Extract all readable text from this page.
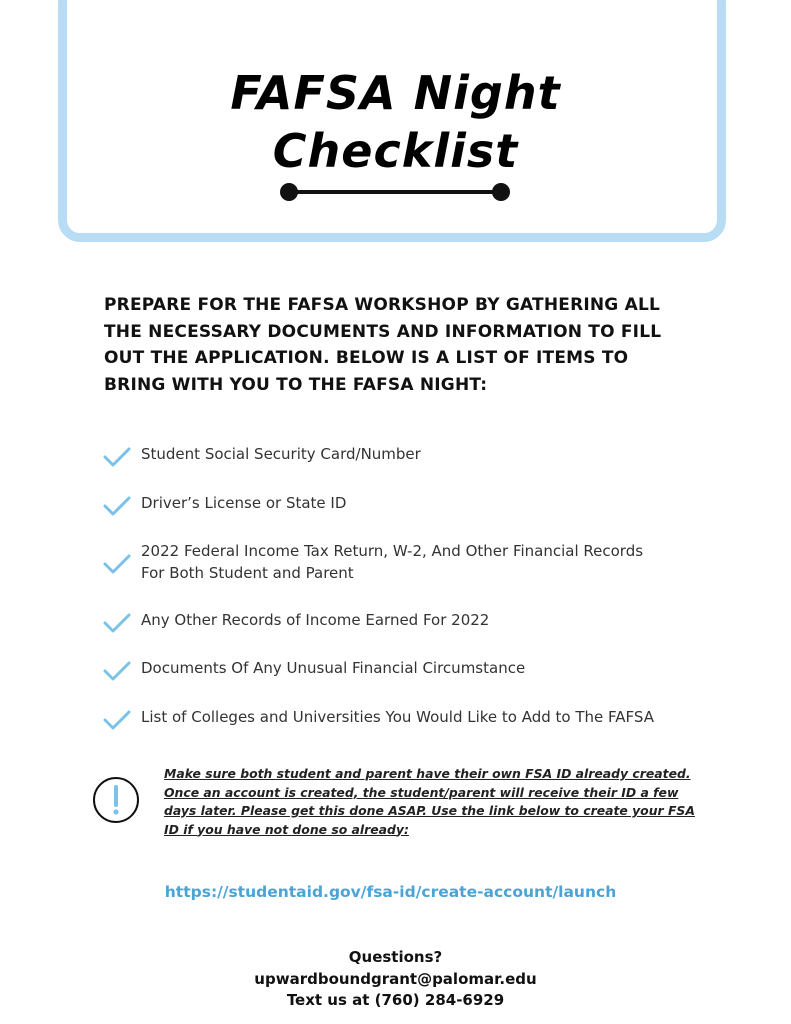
FAFSA Night
Checklist
PREPARE FOR THE FAFSA WORKSHOP BY GATHERING ALL THE NECESSARY DOCUMENTS AND INFORMATION TO FILL OUT THE APPLICATION. BELOW IS A LIST OF ITEMS TO BRING WITH YOU TO THE FAFSA NIGHT:
Student Social Security Card/Number
Driver’s License or State ID
2022 Federal Income Tax Return, W-2, And Other Financial Records
For Both Student and Parent
Any Other Records of Income Earned For 2022
Documents Of Any Unusual Financial Circumstance
List of Colleges and Universities You Would Like to Add to The FAFSA
Make sure both student and parent have their own FSA ID already created. Once an account is created, the student/parent will receive their ID a few days later. Please get this done ASAP. Use the link below to create your FSA ID if you have not done so already:
https://studentaid.gov/fsa-id/create-account/launch
Questions?
upwardboundgrant@palomar.edu
Text us at (760) 284-6929
